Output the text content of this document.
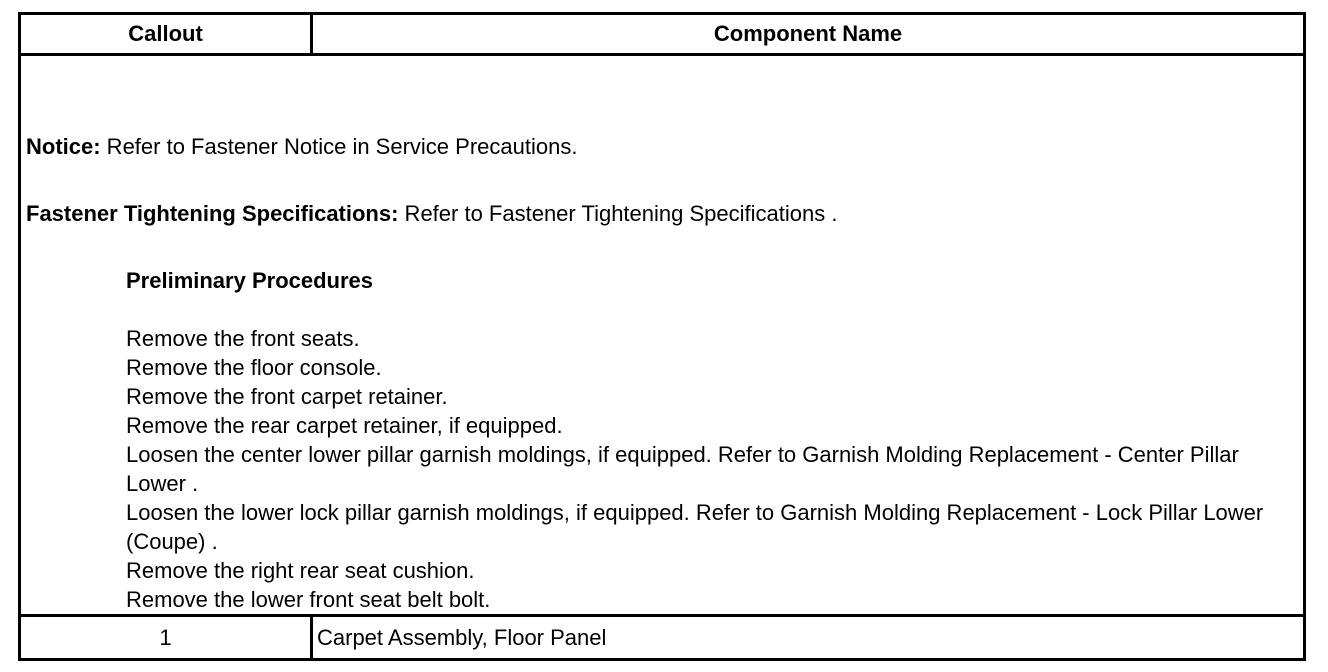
Callout	Component Name
Notice: Refer to Fastener Notice in Service Precautions.
Fastener Tightening Specifications: Refer to Fastener Tightening Specifications .
Preliminary Procedures
Remove the front seats.
Remove the floor console.
Remove the front carpet retainer.
Remove the rear carpet retainer, if equipped.
Loosen the center lower pillar garnish moldings, if equipped. Refer to Garnish Molding Replacement - Center Pillar Lower .
Loosen the lower lock pillar garnish moldings, if equipped. Refer to Garnish Molding Replacement - Lock Pillar Lower (Coupe) .
Remove the right rear seat cushion.
Remove the lower front seat belt bolt.
1	Carpet Assembly, Floor Panel
